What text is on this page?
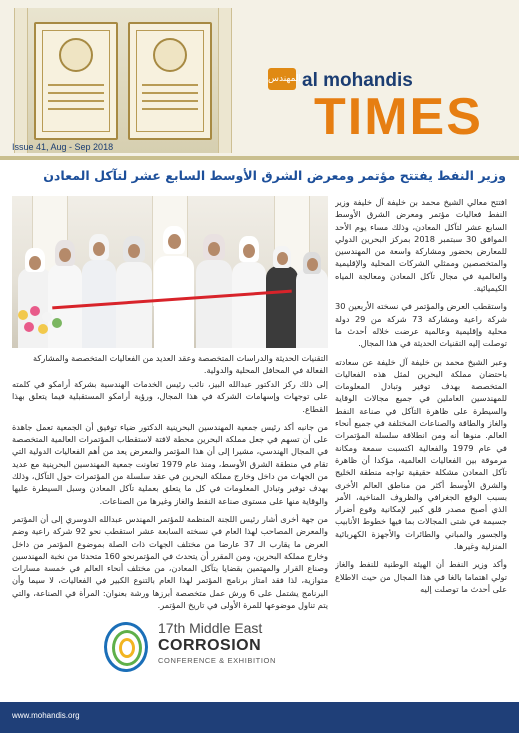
المهندس al mohandis
TIMES
Issue 41, Aug - Sep 2018
وزير النفط يفتتح مؤتمر ومعرض الشرق الأوسط السابع عشر لتآكل المعادن

افتتح معالي الشيخ محمد بن خليفة آل خليفة وزير النفط فعاليات مؤتمر ومعرض الشرق الأوسط السابع عشر لتآكل المعادن، وذلك مساء يوم الأحد الموافق 30 سبتمبر 2018 بمركز البحرين الدولي للمعارض بحضور ومشاركة واسعة من المهندسين والمتخصصين وممثلي الشركات المحلية والإقليمية والعالمية في مجال تآكل المعادن ومعالجة المياه الكيميائية.

واستقطب العرض والمؤتمر في نسخته الأربعين 30 شركة راعية ومشاركة 73 شركة من 29 دولة محلية وإقليمية وعالمية عرضت خلاله أحدث ما توصلت إليه التقنيات الحديثة في هذا المجال.

وعبر الشيخ محمد بن خليفة آل خليفة عن سعادته باحتضان مملكة البحرين لمثل هذه الفعاليات المتخصصة بهدف توفير وتبادل المعلومات للمهندسين العاملين في جميع مجالات الوقاية والسيطرة على ظاهرة التآكل في صناعة النفط والغاز والطاقة والصناعات المختلفة في جميع أنحاء العالم. منوها أنه ومن انطلاقة سلسلة المؤتمرات في عام 1979 والفعالية اكتسبت سمعة ومكانة مرموقة بين الفعاليات العالمية، مؤكدا أن ظاهرة تآكل المعادن مشكلة حقيقية تواجه منطقة الخليج والشرق الأوسط أكثر من مناطق العالم الأخرى بسبب الوقع الجغرافي والظروف المناخية، الأمر الذي أصبح مصدر قلق كبير لإمكانية وقوع أضرار جسيمة في شتى المجالات بما فيها خطوط الأنابيب والجسور والمباني والطائرات والأجهزة الكهربائية المنزلية وغيرها.

وأكد وزير النفط أن الهيئة الوطنية للنفط والغاز تولي اهتماما بالغا في هذا المجال من حيث الاطلاع على أحدث ما توصلت إليه

التقنيات الحديثة والدراسات المتخصصة وعقد العديد من الفعاليات المتخصصة والمشاركة الفعالة في المحافل المحلية والدولية.

إلى ذلك ركز الدكتور عبدالله البيز، نائب رئيس الخدمات الهندسية بشركة أرامكو في كلمته على توجهات وإسهامات الشركة في هذا المجال، ورؤية أرامكو المستقبلية فيما يتعلق بهذا القطاع.

من جانبه أكد رئيس جمعية المهندسين البحرينية الدكتور ضياء توفيق أن الجمعية تعمل جاهدة على أن تسهم في جعل مملكة البحرين محطة لافتة لاستقطاب المؤتمرات العالمية المتخصصة في المجال الهندسي، مشيرا إلى أن هذا المؤتمر والمعرض يعد من أهم الفعاليات الدولية التي تقام في منطقة الشرق الأوسط، ومنذ عام 1979 تعاونت جمعية المهندسين البحرينية مع عديد من الجهات من داخل وخارج مملكة البحرين في عقد سلسلة من المؤتمرات حول التآكل، وذلك بهدف توفير وتبادل المعلومات في كل ما يتعلق بعملية تآكل المعادن وسبل السيطرة عليها والوقاية منها على مستوى صناعة النفط والغاز وغيرها من الصناعات.

من جهة أخرى أشار رئيس اللجنة المنظمة للمؤتمر المهندس عبدالله الدوسري إلى أن المؤتمر والمعرض المصاحب لهذا العام في نسخته السابعة عشر استقطب نحو 92 شركة راعية وضم العرض ما يقارب الـ 37 عارضا من مختلف الجهات ذات الصلة بموضوع المؤتمر من داخل وخارج مملكة البحرين، ومن المقرر أن يتحدث في المؤتمرنحو 160 متحدثا من نخبة المهندسين وصناع القرار والمهتمين بقضايا بتآكل المعادن، من مختلف أنحاء العالم في خمسة مسارات متوازية، لذا فقد امتاز برنامج المؤتمر لهذا العام بالتنوع الكبير في الفعاليات، لا سيما وأن البرنامج يشتمل على 6 ورش عمل متخصصة أبرزها ورشة بعنوان: المرأة في الصناعة، والتي يتم تناول موضوعها للمرة الأولى في تاريخ المؤتمر.

17th Middle East
CORROSION
CONFERENCE & EXHIBITION
www.mohandis.org
